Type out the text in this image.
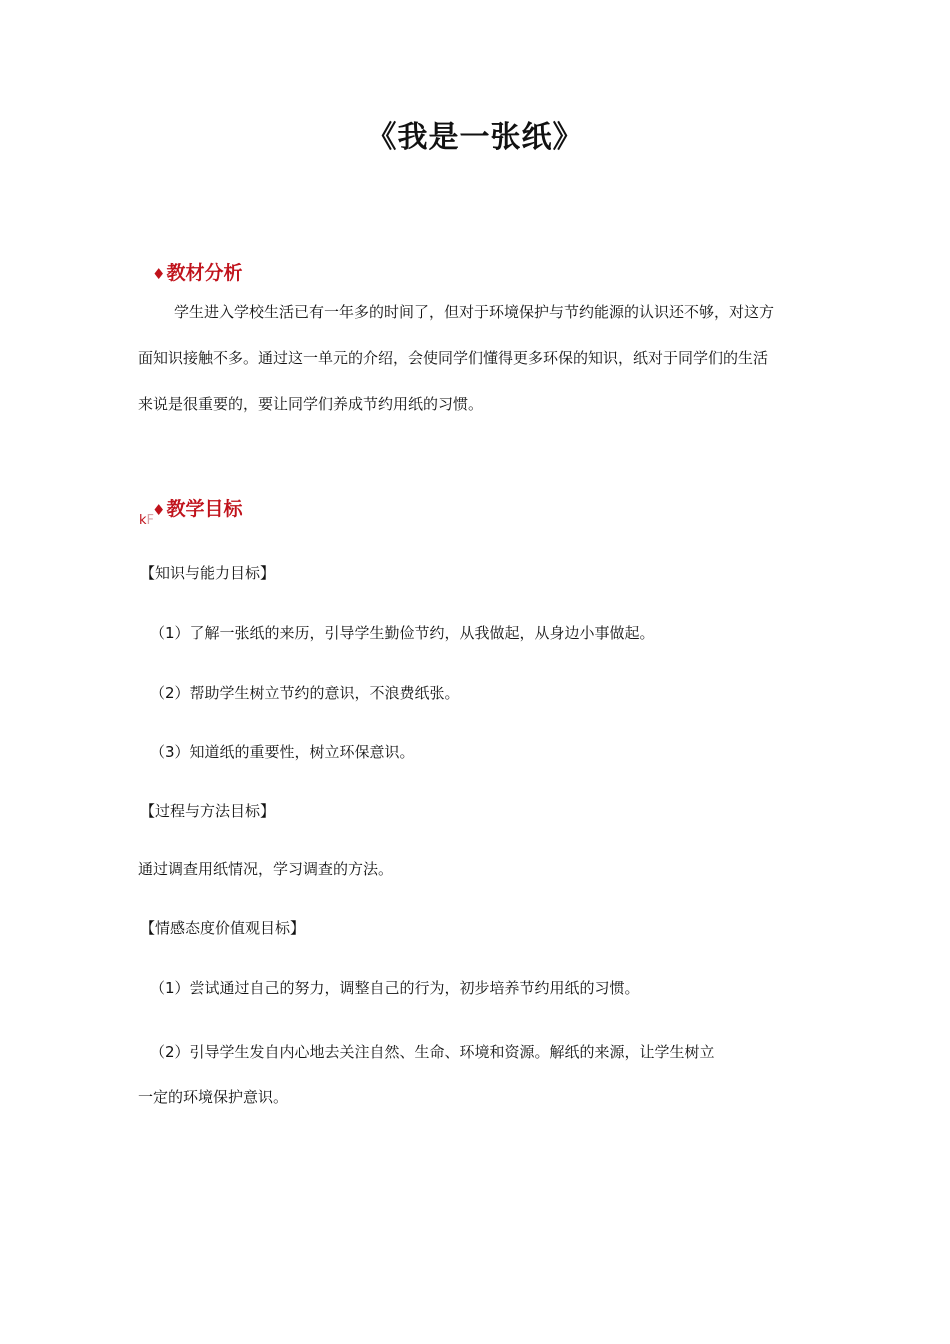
《我是一张纸》
♦教材分析
学生进入学校生活已有一年多的时间了，但对于环境保护与节约能源的认识还不够，对这方
面知识接触不多。通过这一单元的介绍，会使同学们懂得更多环保的知识，纸对于同学们的生活
来说是很重要的，要让同学们养成节约用纸的习惯。
♦教学目标
kF
【知识与能力目标】
（1）了解一张纸的来历，引导学生勤俭节约，从我做起，从身边小事做起。
（2）帮助学生树立节约的意识，不浪费纸张。
（3）知道纸的重要性，树立环保意识。
【过程与方法目标】
通过调查用纸情况，学习调查的方法。
【情感态度价值观目标】
（1）尝试通过自己的努力，调整自己的行为，初步培养节约用纸的习惯。
（2）引导学生发自内心地去关注自然、生命、环境和资源。解纸的来源，让学生树立
一定的环境保护意识。
